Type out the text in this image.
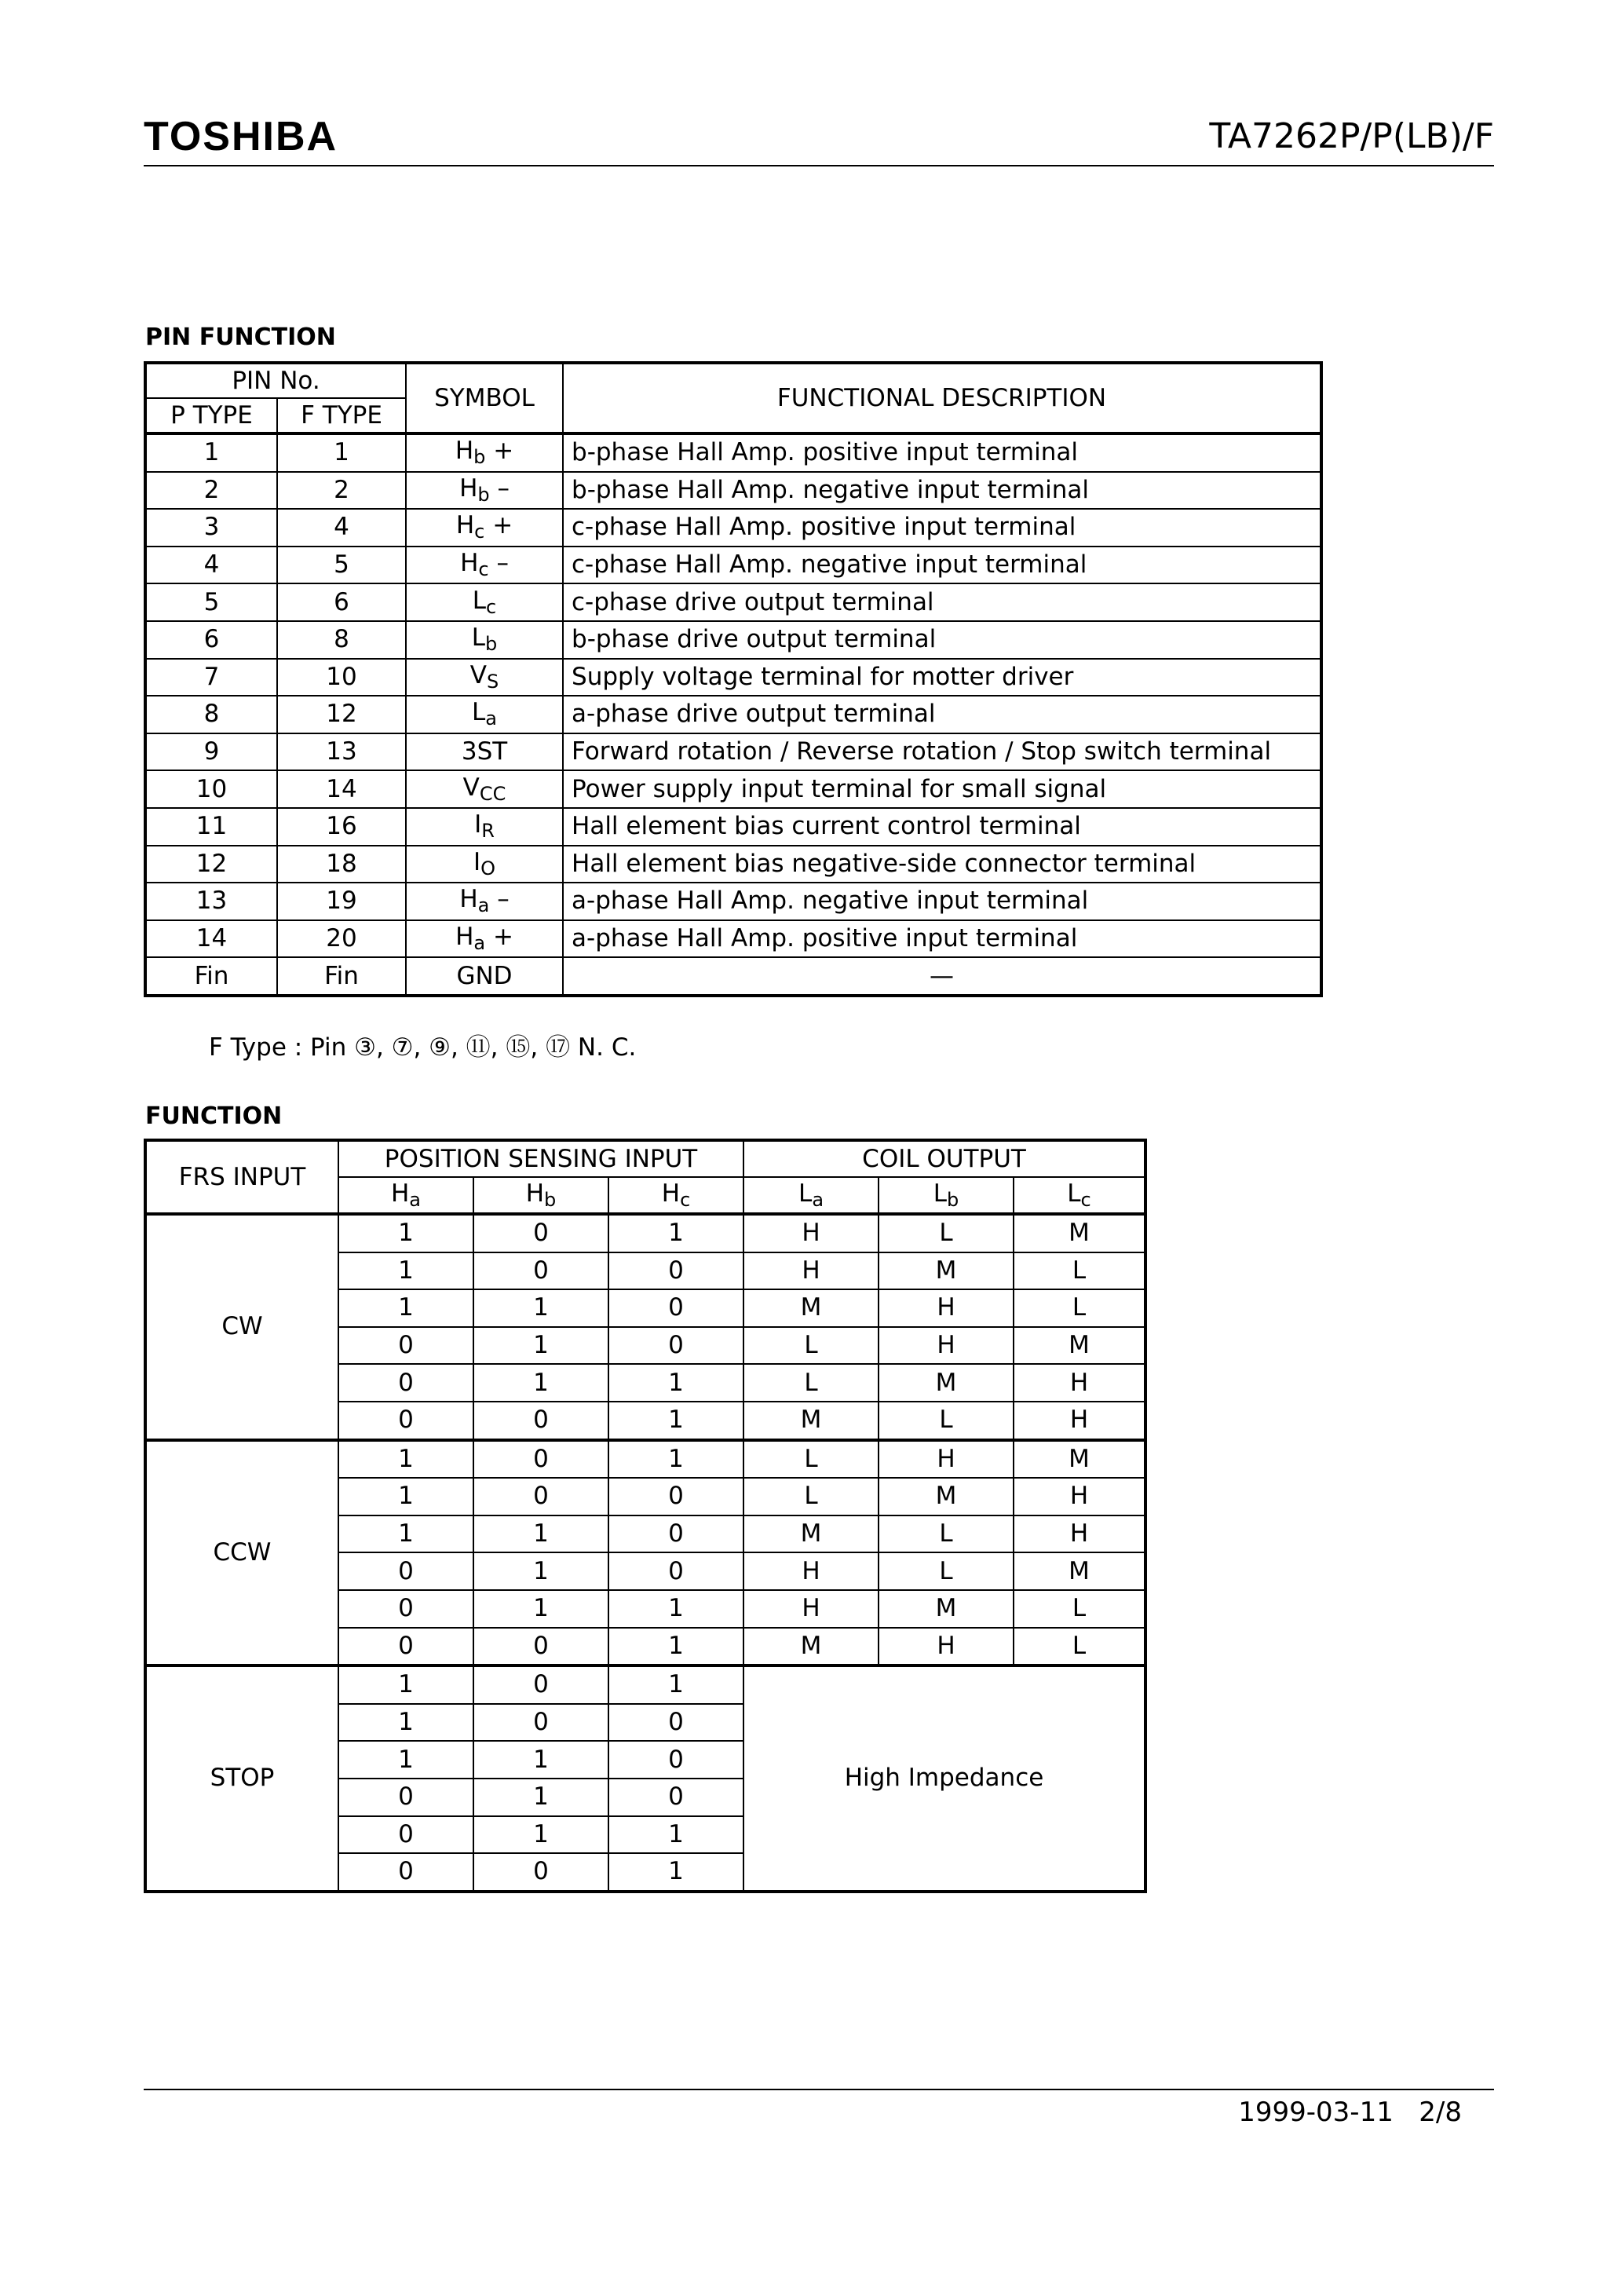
TOSHIBA	TA7262P/P(LB)/F
PIN FUNCTION
PIN No.		SYMBOL	FUNCTIONAL DESCRIPTION
P TYPE	F TYPE		
1	1	$H_b$ +	b-phase Hall Amp. positive input terminal
2	2	$H_b$ –	b-phase Hall Amp. negative input terminal
3	4	$H_c$ +	c-phase Hall Amp. positive input terminal
4	5	$H_c$ –	c-phase Hall Amp. negative input terminal
5	6	$L_c$	c-phase drive output terminal
6	8	$L_b$	b-phase drive output terminal
7	10	$V_S$	Supply voltage terminal for motter driver
8	12	$L_a$	a-phase drive output terminal
9	13	3ST	Forward rotation / Reverse rotation / Stop switch terminal
10	14	$V_{CC}$	Power supply input terminal for small signal
11	16	$I_R$	Hall element bias current control terminal
12	18	$I_O$	Hall element bias negative-side connector terminal
13	19	$H_a$ –	a-phase Hall Amp. negative input terminal
14	20	$H_a$ +	a-phase Hall Amp. positive input terminal
Fin	Fin	GND	—
F Type : Pin ③, ⑦, ⑨, ⑪, ⑮, ⑰ N. C.
FUNCTION
FRS INPUT	POSITION SENSING INPUT			COIL OUTPUT		
	$H_a$	$H_b$	$H_c$	$L_a$	$L_b$	$L_c$
CW	1	0	1	H	L	M
	1	0	0	H	M	L
	1	1	0	M	H	L
	0	1	0	L	H	M
	0	1	1	L	M	H
	0	0	1	M	L	H
CCW	1	0	1	L	H	M
	1	0	0	L	M	H
	1	1	0	M	L	H
	0	1	0	H	L	M
	0	1	1	H	M	L
	0	0	1	M	H	L
STOP	1	0	1	High Impedance		
	1	0	0			
	1	1	0			
	0	1	0			
	0	1	1			
	0	0	1			
1999-03-11 2/8
